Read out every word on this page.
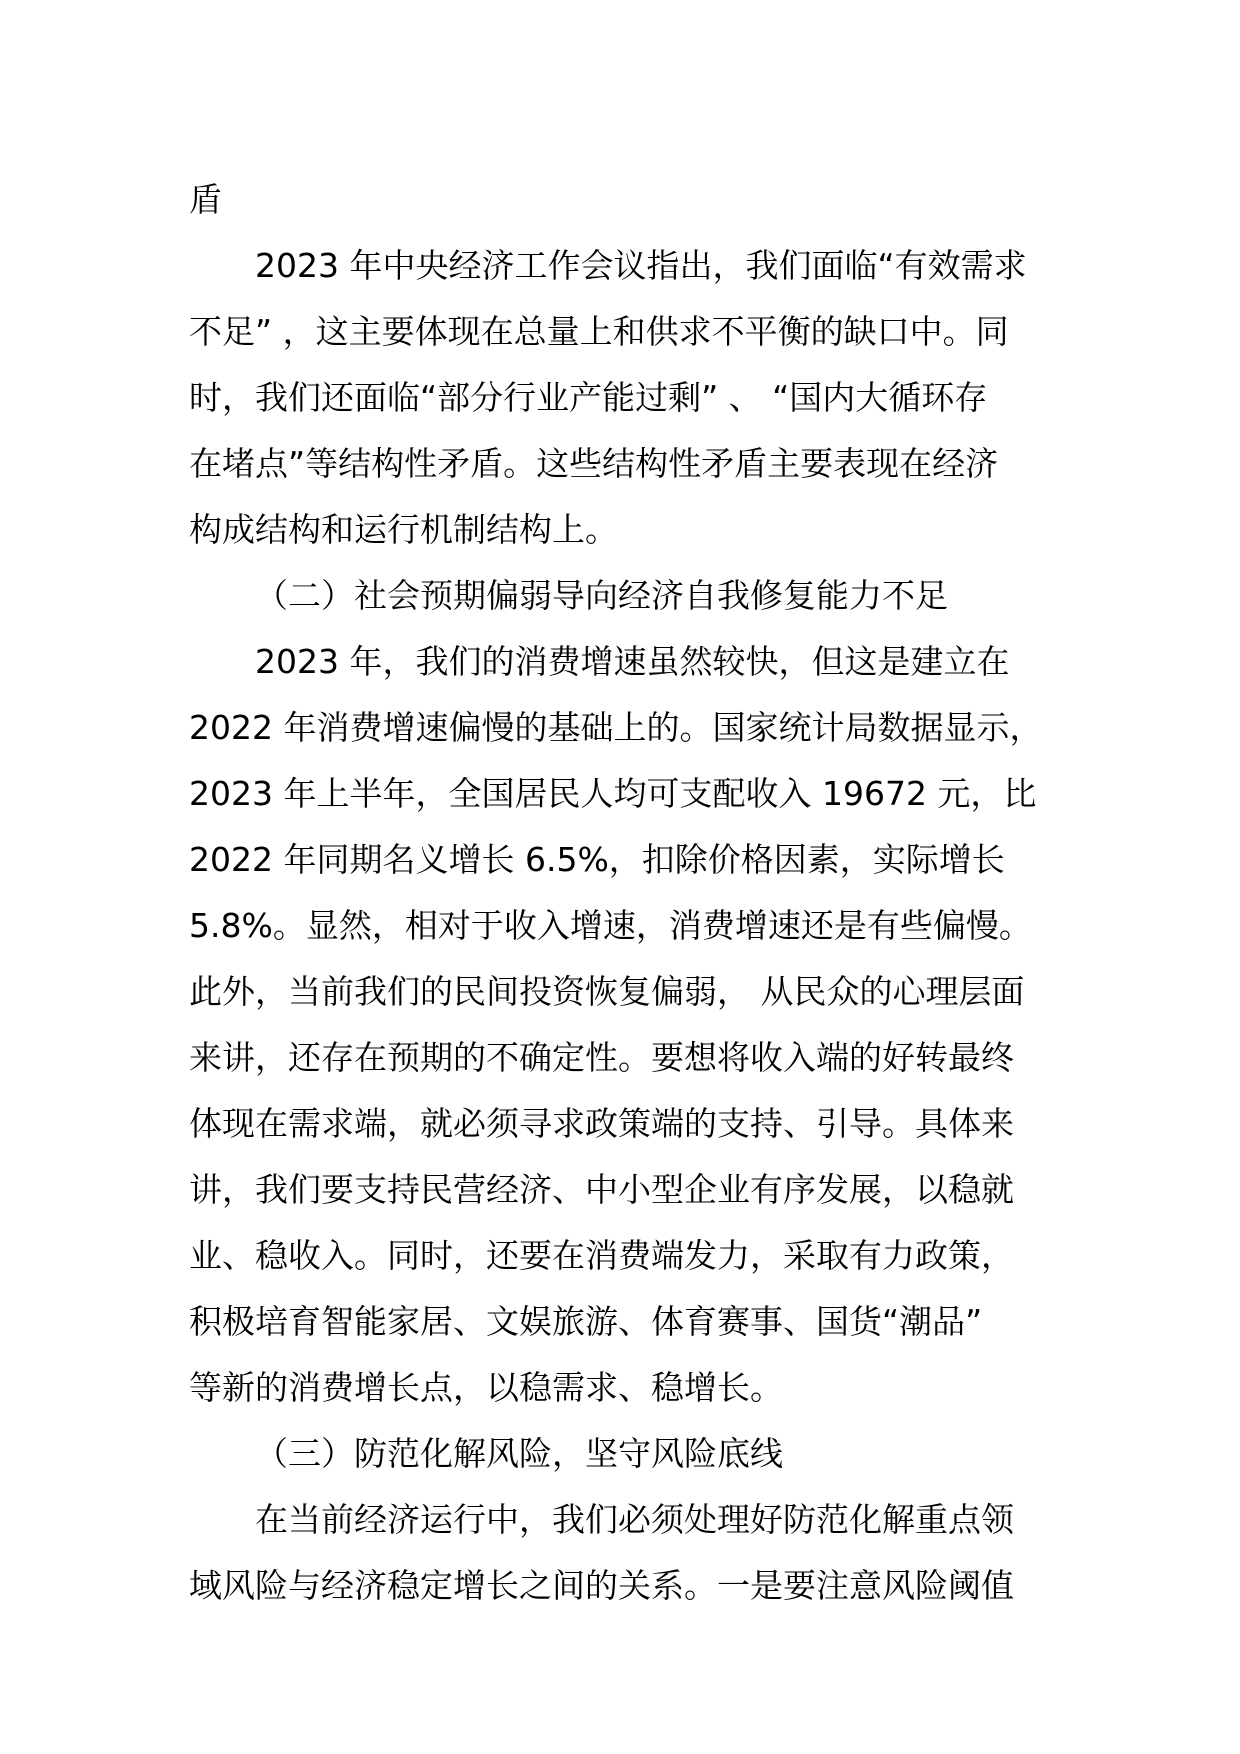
盾
2023 年中央经济工作会议指出，我们面临“有效需求
不足” ，这主要体现在总量上和供求不平衡的缺口中。同
时，我们还面临“部分行业产能过剩” 、 “国内大循环存
在堵点”等结构性矛盾。这些结构性矛盾主要表现在经济
构成结构和运行机制结构上。
（二）社会预期偏弱导向经济自我修复能力不足
2023 年，我们的消费增速虽然较快，但这是建立在
2022 年消费增速偏慢的基础上的。国家统计局数据显示，
2023 年上半年，全国居民人均可支配收入 19672 元，比
2022 年同期名义增长 6.5%，扣除价格因素，实际增长
5.8%。显然，相对于收入增速，消费增速还是有些偏慢。
此外，当前我们的民间投资恢复偏弱， 从民众的心理层面
来讲，还存在预期的不确定性。要想将收入端的好转最终
体现在需求端，就必须寻求政策端的支持、引导。具体来
讲，我们要支持民营经济、中小型企业有序发展，以稳就
业、稳收入。同时，还要在消费端发力，采取有力政策，
积极培育智能家居、文娱旅游、体育赛事、国货“潮品”
等新的消费增长点，以稳需求、稳增长。
（三）防范化解风险，坚守风险底线
在当前经济运行中，我们必须处理好防范化解重点领
域风险与经济稳定增长之间的关系。一是要注意风险阈值
